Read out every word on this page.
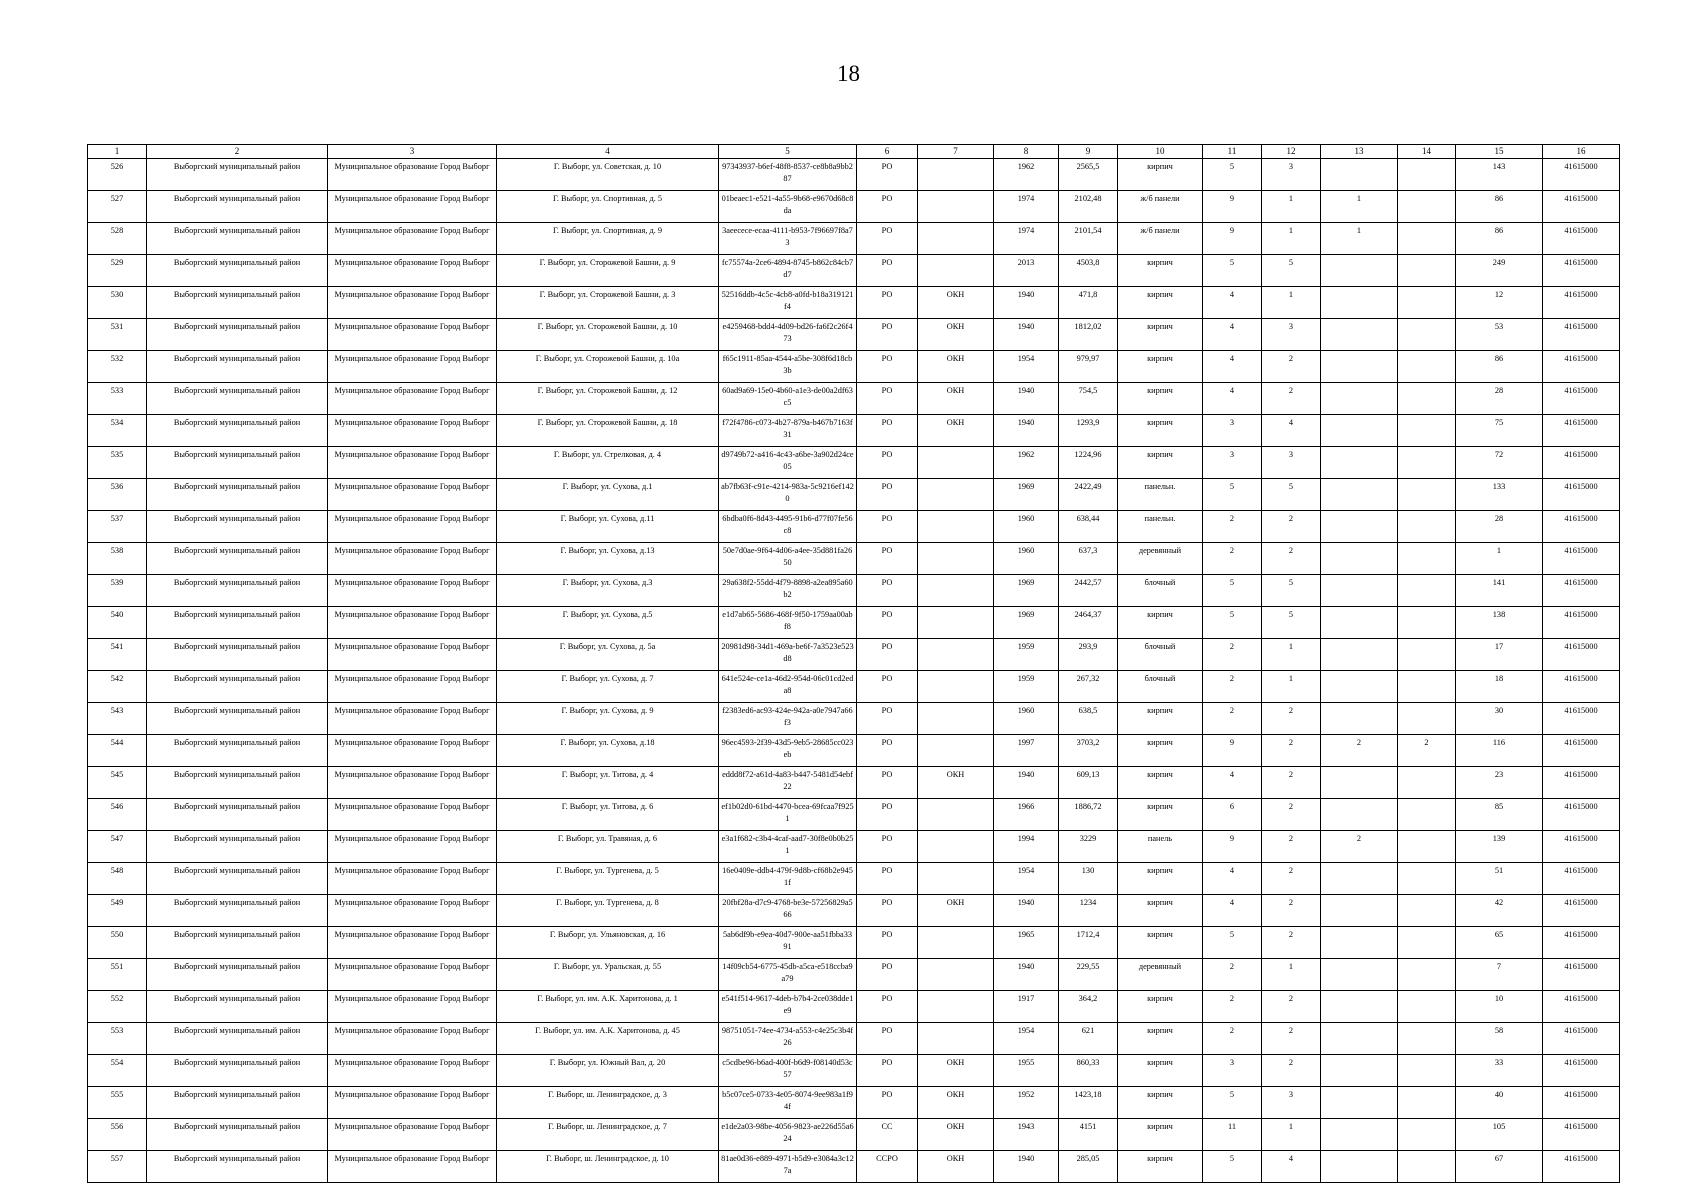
18
1	2	3	4	5	6	7	8	9	10	11	12	13	14	15	16
526	Выборгский муниципальный район	Муниципальное образование Город Выборг	Г. Выборг, ул. Советская, д. 10	97343937-b6ef-48f8-8537-ce8b8a9bb287	РО		1962	2565,5	кирпич	5	3			143	41615000
527	Выборгский муниципальный район	Муниципальное образование Город Выборг	Г. Выборг, ул. Спортивная, д. 5	01beaec1-e521-4a55-9b68-e9670d68c8da	РО		1974	2102,48	ж/б панели	9	1	1		86	41615000
528	Выборгский муниципальный район	Муниципальное образование Город Выборг	Г. Выборг, ул. Спортивная, д. 9	3aeecece-ecaa-4111-b953-7f96697f8a73	РО		1974	2101,54	ж/б панели	9	1	1		86	41615000
529	Выборгский муниципальный район	Муниципальное образование Город Выборг	Г. Выборг, ул. Сторожевой Башни, д. 9	fc75574a-2ce6-4894-8745-b862c84cb7d7	РО		2013	4503,8	кирпич	5	5			249	41615000
530	Выборгский муниципальный район	Муниципальное образование Город Выборг	Г. Выборг, ул. Сторожевой Башни, д. 3	52516ddb-4c5c-4cb8-a0fd-b18a319121f4	РО	ОКН	1940	471,8	кирпич	4	1			12	41615000
531	Выборгский муниципальный район	Муниципальное образование Город Выборг	Г. Выборг, ул. Сторожевой Башни, д. 10	e4259468-bdd4-4d09-bd26-fa6f2c26f473	РО	ОКН	1940	1812,02	кирпич	4	3			53	41615000
532	Выборгский муниципальный район	Муниципальное образование Город Выборг	Г. Выборг, ул. Сторожевой Башни, д. 10а	f65c1911-85aa-4544-a5be-308f6d18cb3b	РО	ОКН	1954	979,97	кирпич	4	2			86	41615000
533	Выборгский муниципальный район	Муниципальное образование Город Выборг	Г. Выборг, ул. Сторожевой Башни, д. 12	60ad9a69-15e0-4b60-a1e3-de00a2df63c5	РО	ОКН	1940	754,5	кирпич	4	2			28	41615000
534	Выборгский муниципальный район	Муниципальное образование Город Выборг	Г. Выборг, ул. Сторожевой Башни, д. 18	f72f4786-c073-4b27-879a-b467b7163f31	РО	ОКН	1940	1293,9	кирпич	3	4			75	41615000
535	Выборгский муниципальный район	Муниципальное образование Город Выборг	Г. Выборг, ул. Стрелковая, д. 4	d9749b72-a416-4c43-a6be-3a902d24ce05	РО		1962	1224,96	кирпич	3	3			72	41615000
536	Выборгский муниципальный район	Муниципальное образование Город Выборг	Г. Выборг, ул. Сухова, д.1	ab7fb63f-c91e-4214-983a-5c9216ef1420	РО		1969	2422,49	панельн.	5	5			133	41615000
537	Выборгский муниципальный район	Муниципальное образование Город Выборг	Г. Выборг, ул. Сухова, д.11	6bdba0f6-8d43-4495-91b6-d77f07fe56c8	РО		1960	638,44	панельн.	2	2			28	41615000
538	Выборгский муниципальный район	Муниципальное образование Город Выборг	Г. Выборг, ул. Сухова, д.13	50e7d0ae-9f64-4d06-a4ee-35d881fa2650	РО		1960	637,3	деревянный	2	2			1	41615000
539	Выборгский муниципальный район	Муниципальное образование Город Выборг	Г. Выборг, ул. Сухова, д.3	29a638f2-55dd-4f79-8898-a2ea895a60b2	РО		1969	2442,57	блочный	5	5			141	41615000
540	Выборгский муниципальный район	Муниципальное образование Город Выборг	Г. Выборг, ул. Сухова, д.5	e1d7ab65-5686-468f-9f50-1759aa00abf8	РО		1969	2464,37	кирпич	5	5			138	41615000
541	Выборгский муниципальный район	Муниципальное образование Город Выборг	Г. Выборг, ул. Сухова, д. 5а	20981d98-34d1-469a-be6f-7a3523e523d8	РО		1959	293,9	блочный	2	1			17	41615000
542	Выборгский муниципальный район	Муниципальное образование Город Выборг	Г. Выборг, ул. Сухова, д. 7	641e524e-ce1a-46d2-954d-06c01cd2eda8	РО		1959	267,32	блочный	2	1			18	41615000
543	Выборгский муниципальный район	Муниципальное образование Город Выборг	Г. Выборг, ул. Сухова, д. 9	f2383ed6-ac93-424e-942a-a0e7947a66f3	РО		1960	638,5	кирпич	2	2			30	41615000
544	Выборгский муниципальный район	Муниципальное образование Город Выборг	Г. Выборг, ул. Сухова, д.18	96ec4593-2f39-43d5-9eb5-28685cc023eb	РО		1997	3703,2	кирпич	9	2	2	2	116	41615000
545	Выборгский муниципальный район	Муниципальное образование Город Выборг	Г. Выборг, ул. Титова, д. 4	eddd8f72-a61d-4a83-b447-5481d54ebf22	РО	ОКН	1940	609,13	кирпич	4	2			23	41615000
546	Выборгский муниципальный район	Муниципальное образование Город Выборг	Г. Выборг, ул. Титова, д. 6	ef1b02d0-61bd-4470-bcea-69fcaa7f9251	РО		1966	1886,72	кирпич	6	2			85	41615000
547	Выборгский муниципальный район	Муниципальное образование Город Выборг	Г. Выборг, ул. Травяная, д. 6	e3a1f682-c3b4-4caf-aad7-30f8e0b0b251	РО		1994	3229	панель	9	2	2		139	41615000
548	Выборгский муниципальный район	Муниципальное образование Город Выборг	Г. Выборг, ул. Тургенева, д. 5	16e0409e-ddb4-479f-9d8b-cf68b2e9451f	РО		1954	130	кирпич	4	2			51	41615000
549	Выборгский муниципальный район	Муниципальное образование Город Выборг	Г. Выборг, ул. Тургенева, д. 8	20fbf28a-d7c9-4768-be3e-57256829a566	РО	ОКН	1940	1234	кирпич	4	2			42	41615000
550	Выборгский муниципальный район	Муниципальное образование Город Выборг	Г. Выборг, ул. Ульяновская, д. 16	5ab6df9b-e9ea-40d7-900e-aa51fbba3391	РО		1965	1712,4	кирпич	5	2			65	41615000
551	Выборгский муниципальный район	Муниципальное образование Город Выборг	Г. Выборг, ул. Уральская, д. 55	14f09cb54-6775-45db-a5ca-e518ccba9a79	РО		1940	229,55	деревянный	2	1			7	41615000
552	Выборгский муниципальный район	Муниципальное образование Город Выборг	Г. Выборг, ул. им. А.К. Харитонова, д. 1	e541f514-9617-4deb-b7b4-2ce038dde1e9	РО		1917	364,2	кирпич	2	2			10	41615000
553	Выборгский муниципальный район	Муниципальное образование Город Выборг	Г. Выборг, ул. им. А.К. Харитонова, д. 45	98751051-74ee-4734-a553-c4e25c3b4f26	РО		1954	621	кирпич	2	2			58	41615000
554	Выборгский муниципальный район	Муниципальное образование Город Выборг	Г. Выборг, ул. Южный Вал, д. 20	c5cdbe96-b6ad-400f-b6d9-f08140d53c57	РО	ОКН	1955	860,33	кирпич	3	2			33	41615000
555	Выборгский муниципальный район	Муниципальное образование Город Выборг	Г. Выборг, ш. Ленинградское, д. 3	b5c07ce5-0733-4e05-8074-9ee983a1f94f	РО	ОКН	1952	1423,18	кирпич	5	3			40	41615000
556	Выборгский муниципальный район	Муниципальное образование Город Выборг	Г. Выборг, ш. Ленинградское, д. 7	e1de2a03-98be-4056-9823-ae226d55a624	СС	ОКН	1943	4151	кирпич	11	1			105	41615000
557	Выборгский муниципальный район	Муниципальное образование Город Выборг	Г. Выборг, ш. Ленинградское, д. 10	81ae0d36-e889-4971-b5d9-e3084a3c127a	ССРО	ОКН	1940	285,05	кирпич	5	4			67	41615000
